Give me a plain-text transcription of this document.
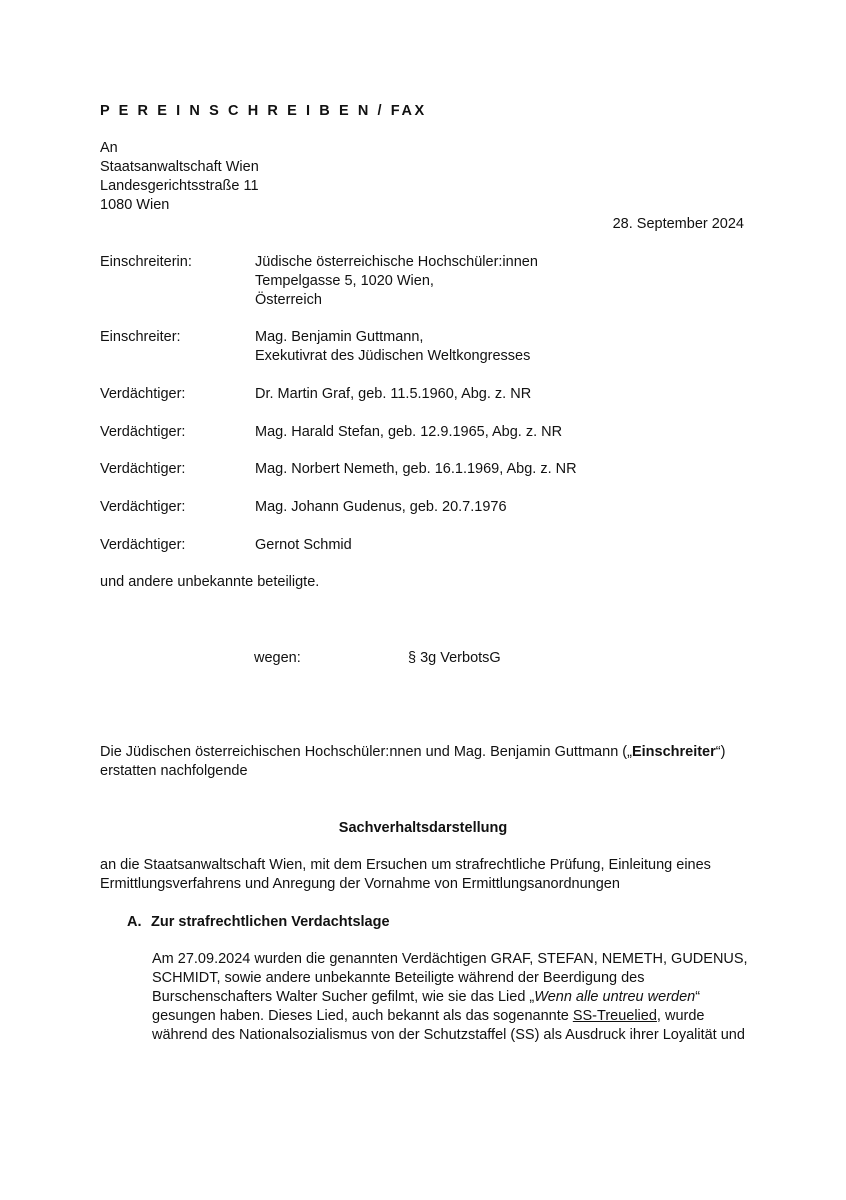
P E R E I N S C H R E I B E N / FAX
An
Staatsanwaltschaft Wien
Landesgerichtsstraße 11
1080 Wien
28. September 2024
Einschreiterin:	Jüdische österreichische Hochschüler:innen
Tempelgasse 5, 1020 Wien,
Österreich
Einschreiter:	Mag. Benjamin Guttmann,
Exekutivrat des Jüdischen Weltkongresses
Verdächtiger:	Dr. Martin Graf, geb. 11.5.1960, Abg. z. NR
Verdächtiger:	Mag. Harald Stefan, geb. 12.9.1965, Abg. z. NR
Verdächtiger:	Mag. Norbert Nemeth, geb. 16.1.1969, Abg. z. NR
Verdächtiger:	Mag. Johann Gudenus, geb. 20.7.1976
Verdächtiger:	Gernot Schmid
und andere unbekannte beteiligte.
wegen:	§ 3g VerbotsG
Die Jüdischen österreichischen Hochschüler:nnen und Mag. Benjamin Guttmann („Einschreiter“)
erstatten nachfolgende
Sachverhaltsdarstellung
an die Staatsanwaltschaft Wien, mit dem Ersuchen um strafrechtliche Prüfung, Einleitung eines
Ermittlungsverfahrens und Anregung der Vornahme von Ermittlungsanordnungen
A. Zur strafrechtlichen Verdachtslage
Am 27.09.2024 wurden die genannten Verdächtigen GRAF, STEFAN, NEMETH, GUDENUS,
SCHMIDT, sowie andere unbekannte Beteiligte während der Beerdigung des
Burschenschafters Walter Sucher gefilmt, wie sie das Lied „Wenn alle untreu werden“
gesungen haben. Dieses Lied, auch bekannt als das sogenannte SS-Treuelied, wurde
während des Nationalsozialismus von der Schutzstaffel (SS) als Ausdruck ihrer Loyalität und
